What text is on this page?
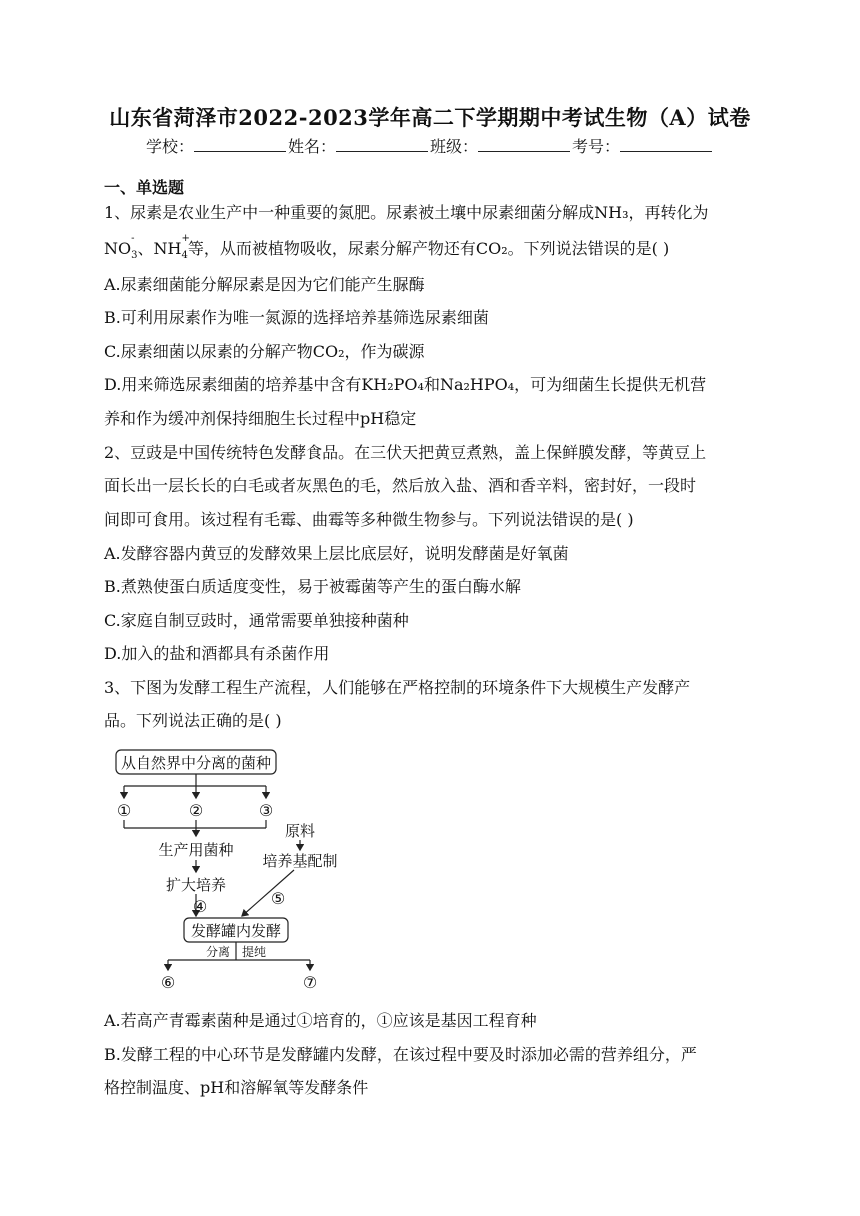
山东省菏泽市2022-2023学年高二下学期期中考试生物（A）试卷
学校：	姓名：	班级：	考号：
一、单选题
1、尿素是农业生产中一种重要的氮肥。尿素被土壤中尿素细菌分解成NH₃，再转化为
NO
-
$_3$、NH
+
$_4$等，从而被植物吸收，尿素分解产物还有CO₂。下列说法错误的是( )
A.尿素细菌能分解尿素是因为它们能产生脲酶
B.可利用尿素作为唯一氮源的选择培养基筛选尿素细菌
C.尿素细菌以尿素的分解产物CO₂，作为碳源
D.用来筛选尿素细菌的培养基中含有KH₂PO₄和Na₂HPO₄，可为细菌生长提供无机营
养和作为缓冲剂保持细胞生长过程中pH稳定
2、豆豉是中国传统特色发酵食品。在三伏天把黄豆煮熟，盖上保鲜膜发酵，等黄豆上
面长出一层长长的白毛或者灰黑色的毛，然后放入盐、酒和香辛料，密封好，一段时
间即可食用。该过程有毛霉、曲霉等多种微生物参与。下列说法错误的是( )
A.发酵容器内黄豆的发酵效果上层比底层好，说明发酵菌是好氧菌
B.煮熟使蛋白质适度变性，易于被霉菌等产生的蛋白酶水解
C.家庭自制豆豉时，通常需要单独接种菌种
D.加入的盐和酒都具有杀菌作用
3、下图为发酵工程生产流程，人们能够在严格控制的环境条件下大规模生产发酵产
品。下列说法正确的是( )
从自然界中分离的菌种
①	②	③
原料
生产用菌种
培养基配制
扩大培养
④	⑤
发酵罐内发酵
分离 提纯
⑥	⑦
A.若高产青霉素菌种是通过①培育的，①应该是基因工程育种
B.发酵工程的中心环节是发酵罐内发酵，在该过程中要及时添加必需的营养组分，严
格控制温度、pH和溶解氧等发酵条件
